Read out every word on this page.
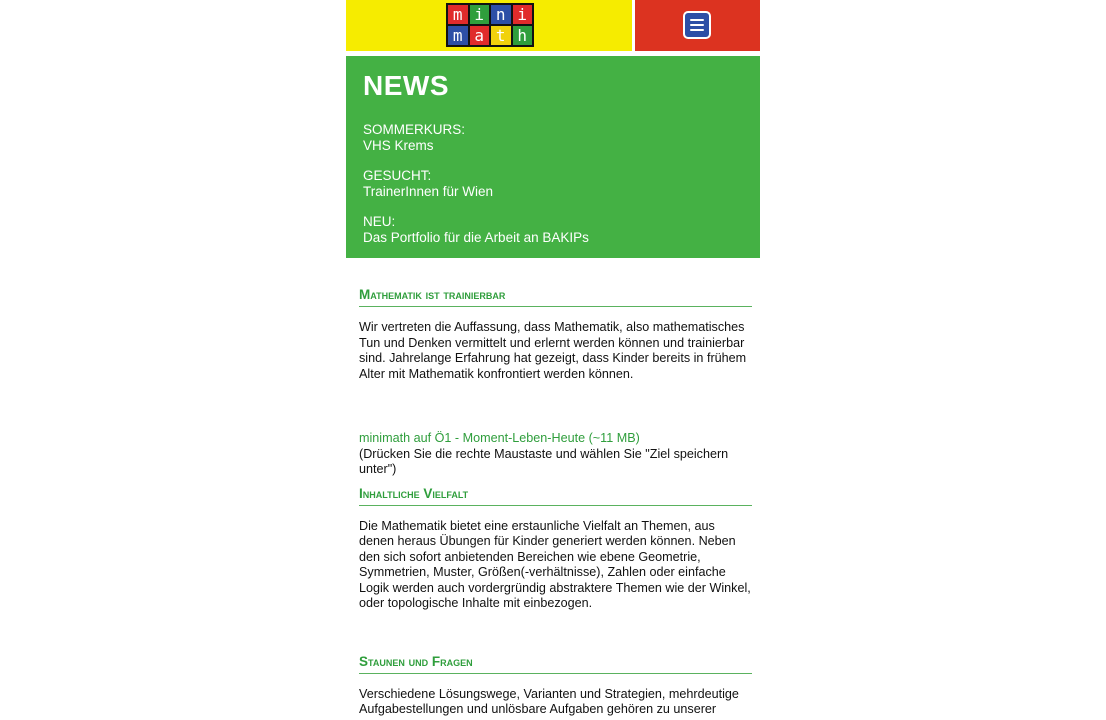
m i n i
m a t h
NEWS
SOMMERKURS:
VHS Krems
GESUCHT:
TrainerInnen für Wien
NEU:
Das Portfolio für die Arbeit an BAKIPs
Mathematik ist trainierbar

Wir vertreten die Auffassung, dass Mathematik, also mathematisches Tun und Denken vermittelt und erlernt werden können und trainierbar sind. Jahrelange Erfahrung hat gezeigt, dass Kinder bereits in frühem Alter mit Mathematik konfrontiert werden können.

minimath auf Ö1 - Moment-Leben-Heute (~11 MB)

(Drücken Sie die rechte Maustaste und wählen Sie "Ziel speichern unter")

Inhaltliche Vielfalt

Die Mathematik bietet eine erstaunliche Vielfalt an Themen, aus denen heraus Übungen für Kinder generiert werden können. Neben den sich sofort anbietenden Bereichen wie ebene Geometrie, Symmetrien, Muster, Größen(-verhältnisse), Zahlen oder einfache Logik werden auch vordergründig abstraktere Themen wie der Winkel, oder topologische Inhalte mit einbezogen.

Staunen und Fragen

Verschiedene Lösungswege, Varianten und Strategien, mehrdeutige Aufgabestellungen und unlösbare Aufgaben gehören zu unserer
